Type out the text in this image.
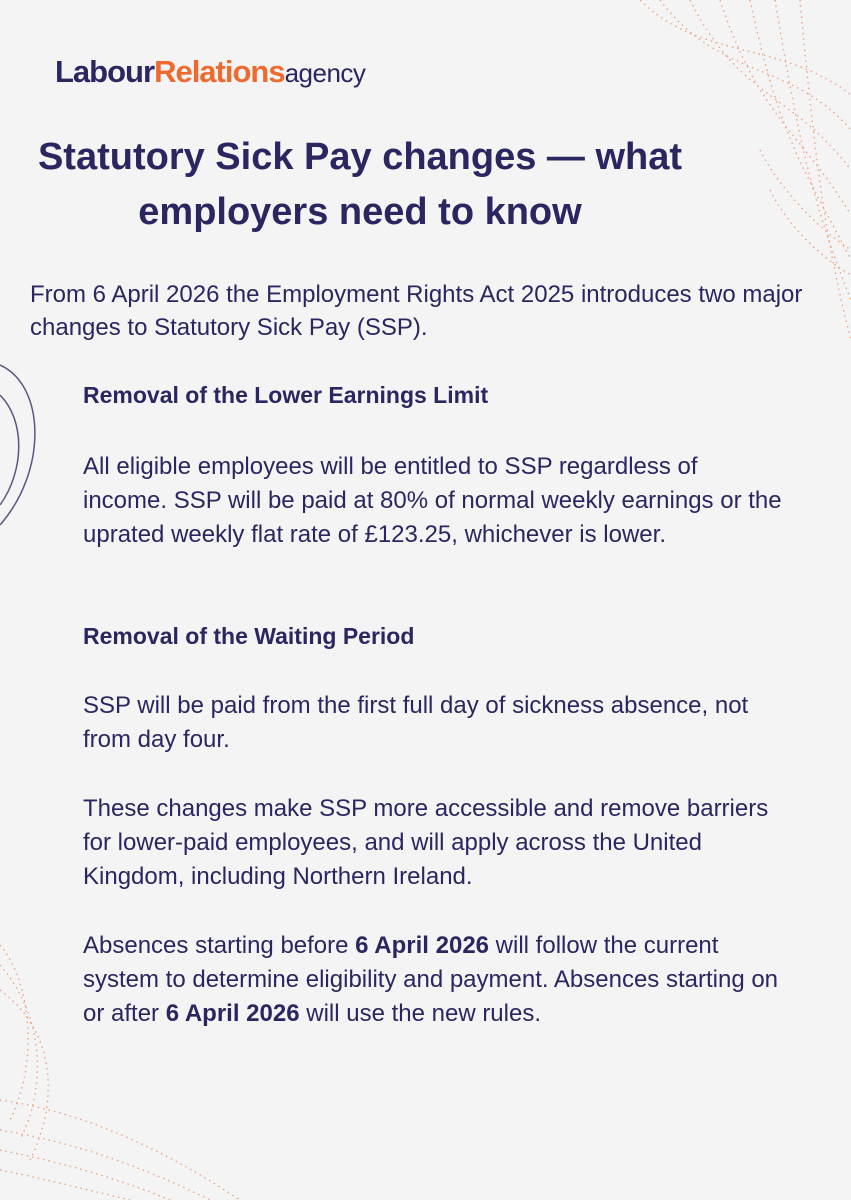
LabourRelationsagency
Statutory Sick Pay changes — what employers need to know

From 6 April 2026 the Employment Rights Act 2025 introduces two major changes to Statutory Sick Pay (SSP).

Removal of the Lower Earnings Limit
All eligible employees will be entitled to SSP regardless of income. SSP will be paid at 80% of normal weekly earnings or the uprated weekly flat rate of £123.25, whichever is lower.
Removal of the Waiting Period
SSP will be paid from the first full day of sickness absence, not from day four.
These changes make SSP more accessible and remove barriers for lower-paid employees, and will apply across the United Kingdom, including Northern Ireland.
Absences starting before 6 April 2026 will follow the current system to determine eligibility and payment. Absences starting on or after 6 April 2026 will use the new rules.
